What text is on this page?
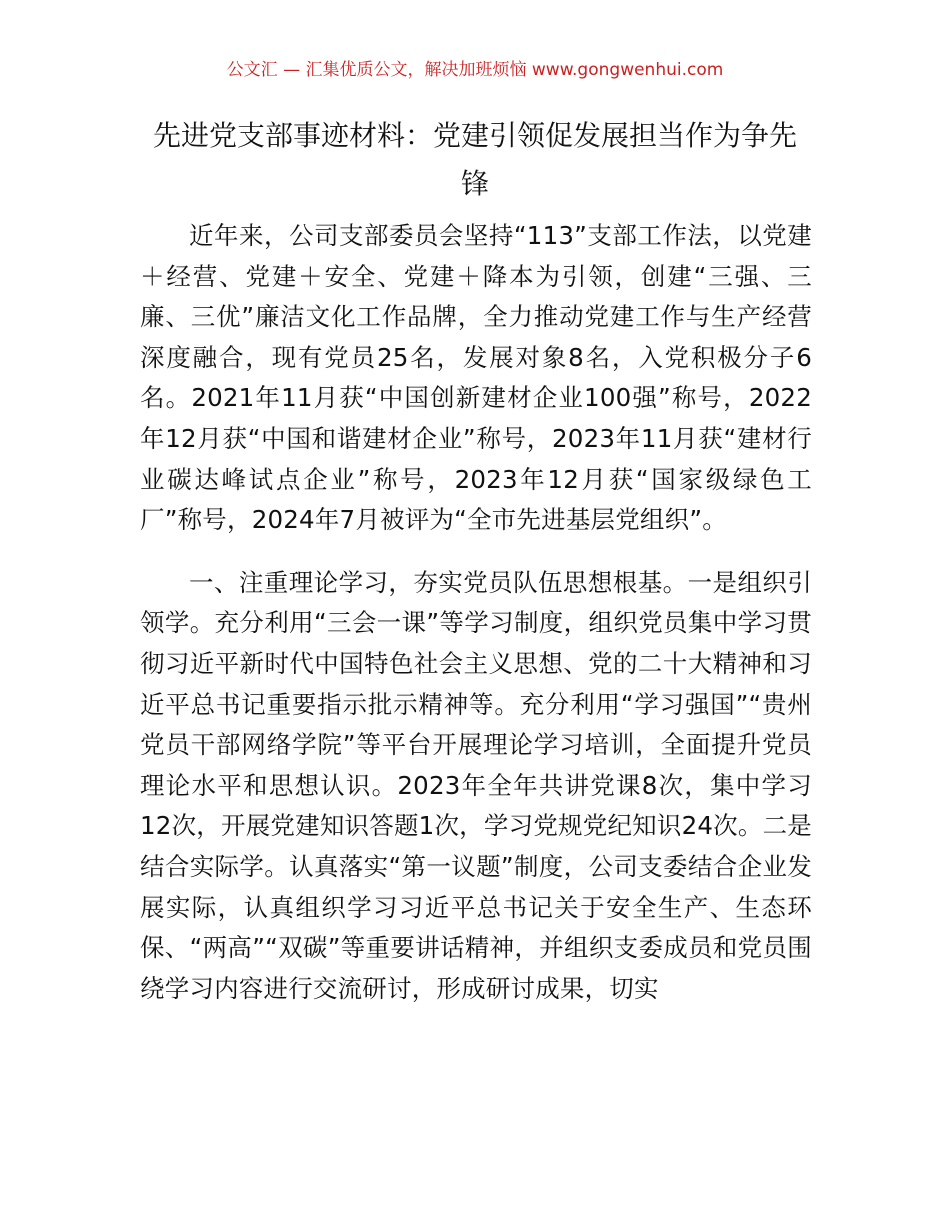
公文汇 — 汇集优质公文，解决加班烦恼 www.gongwenhui.com
先进党支部事迹材料：党建引领促发展担当作为争先锋

近年来，公司支部委员会坚持“113”支部工作法，以党建＋经营、党建＋安全、党建＋降本为引领，创建“三强、三廉、三优”廉洁文化工作品牌，全力推动党建工作与生产经营深度融合，现有党员25名，发展对象8名，入党积极分子6名。2021年11月获“中国创新建材企业100强”称号，2022年12月获“中国和谐建材企业”称号，2023年11月获“建材行业碳达峰试点企业”称号，2023年12月获“国家级绿色工厂”称号，2024年7月被评为“全市先进基层党组织”。

一、注重理论学习，夯实党员队伍思想根基。一是组织引领学。充分利用“三会一课”等学习制度，组织党员集中学习贯彻习近平新时代中国特色社会主义思想、党的二十大精神和习近平总书记重要指示批示精神等。充分利用“学习强国”“贵州党员干部网络学院”等平台开展理论学习培训，全面提升党员理论水平和思想认识。2023年全年共讲党课8次，集中学习12次，开展党建知识答题1次，学习党规党纪知识24次。二是结合实际学。认真落实“第一议题”制度，公司支委结合企业发展实际，认真组织学习习近平总书记关于安全生产、生态环保、“两高”“双碳”等重要讲话精神，并组织支委成员和党员围绕学习内容进行交流研讨，形成研讨成果，切实
